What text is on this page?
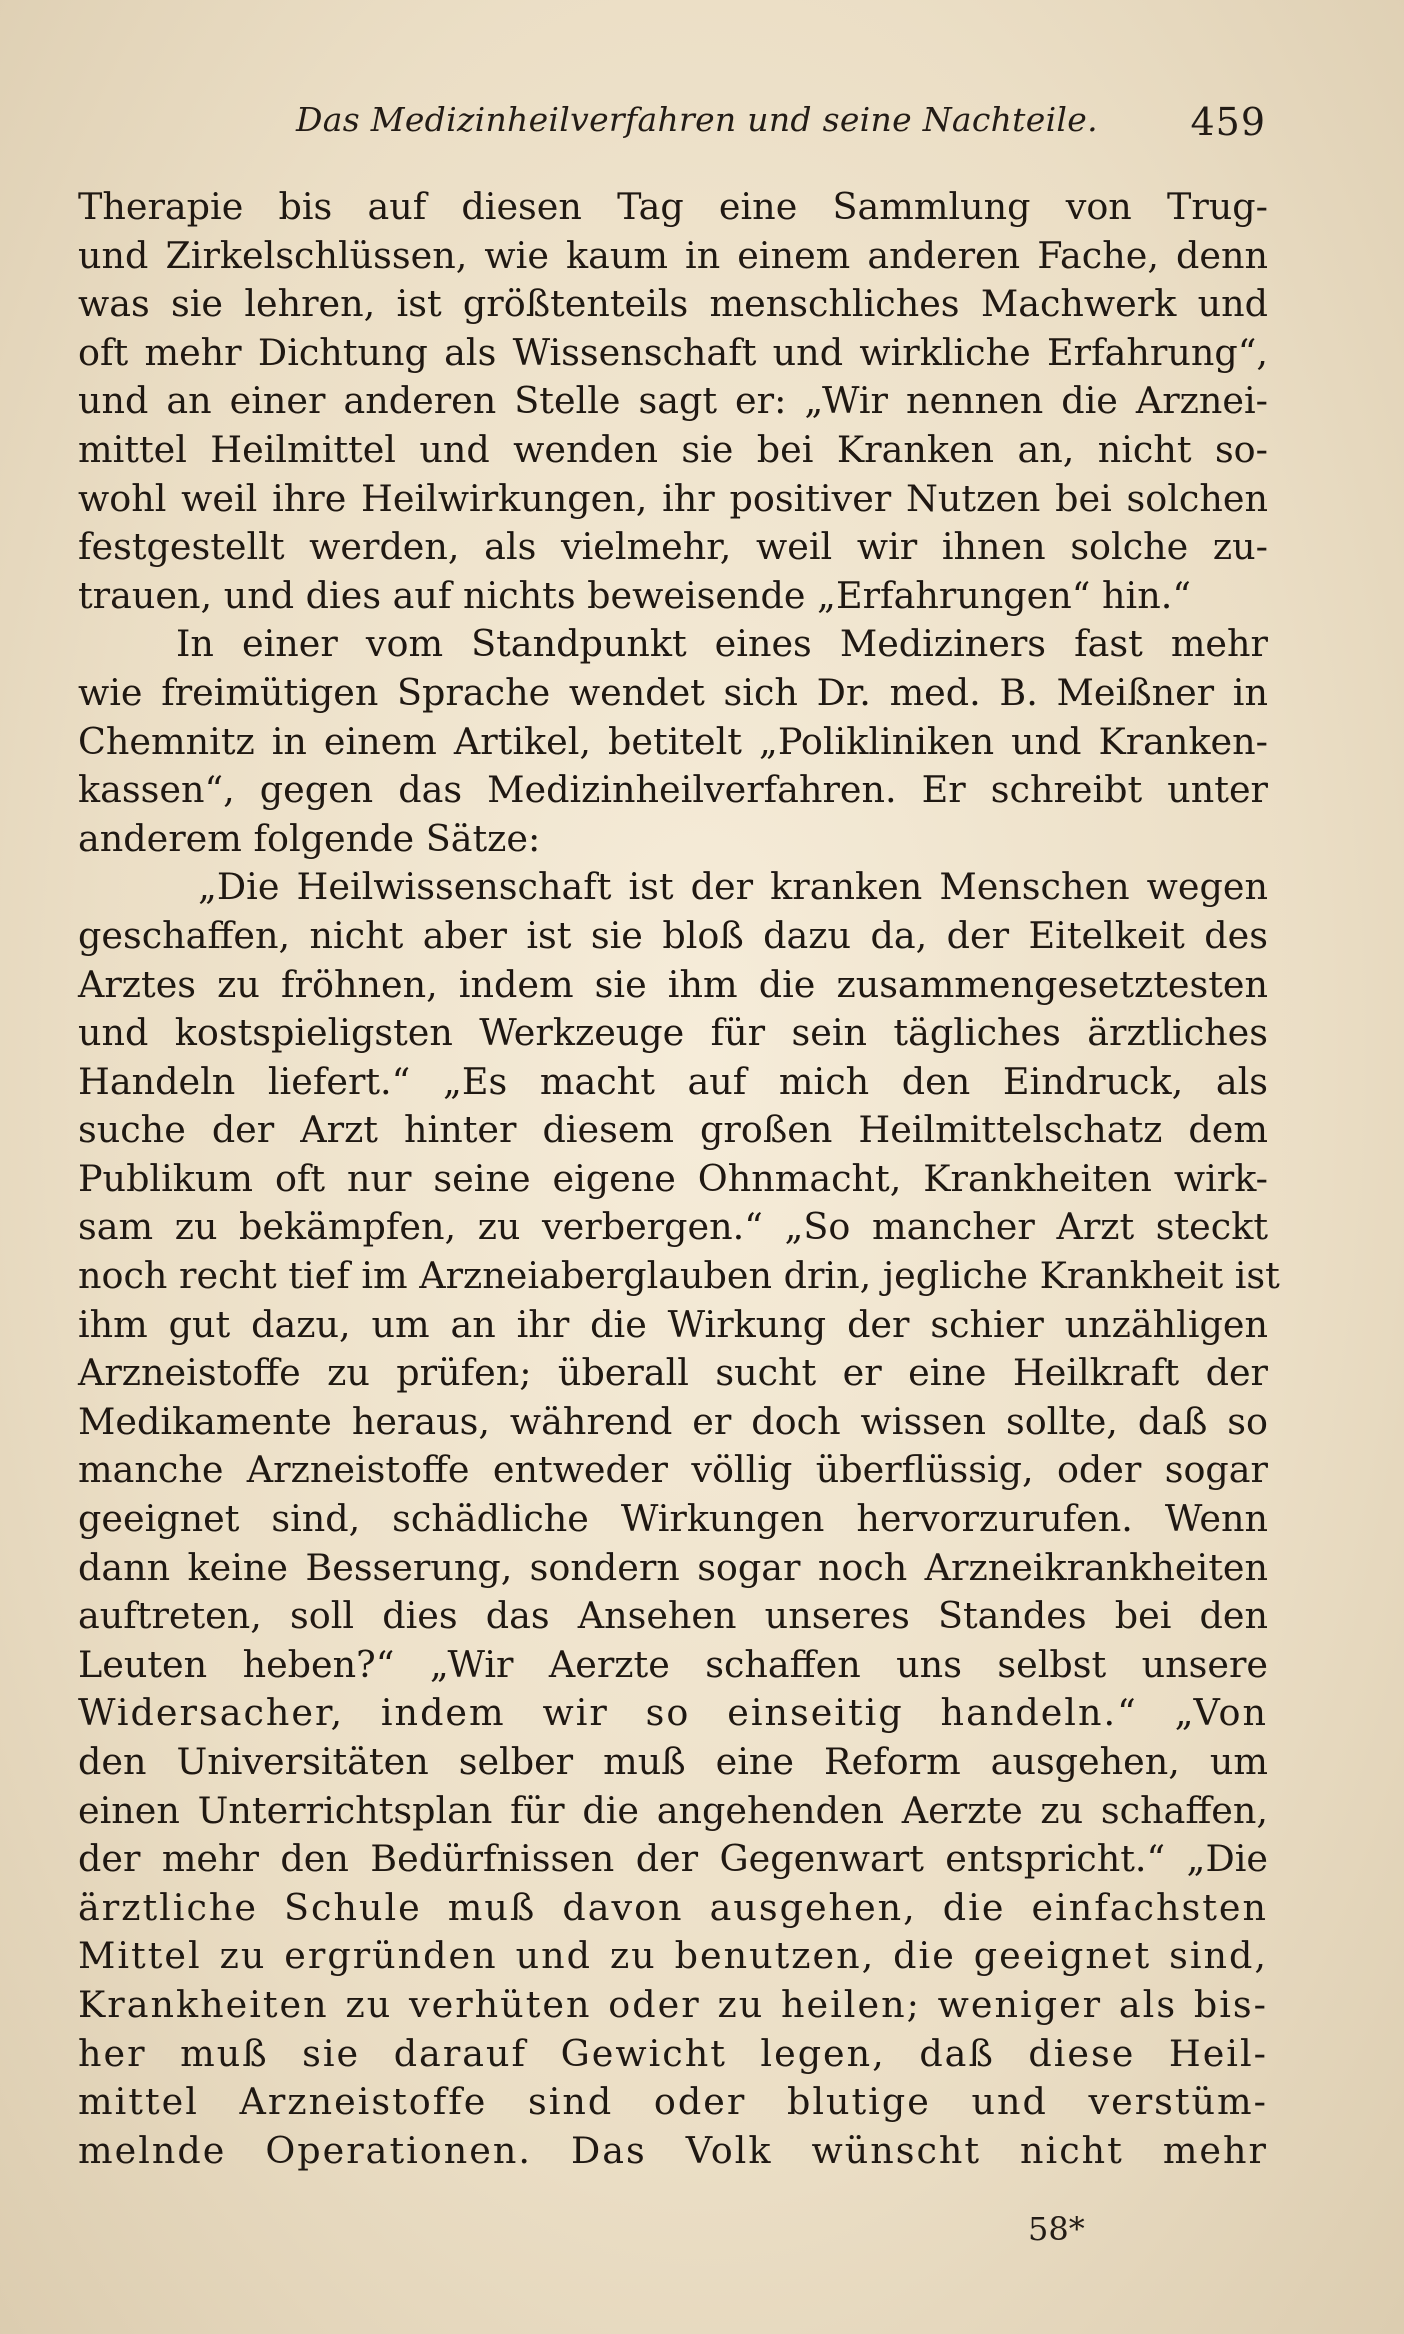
Das Medizinheilverfahren und seine Nachteile. 459
Therapie bis auf diesen Tag eine Sammlung von Trug-
und Zirkelschlüssen, wie kaum in einem anderen Fache, denn
was sie lehren, ist größtenteils menschliches Machwerk und
oft mehr Dichtung als Wissenschaft und wirkliche Erfahrung“,
und an einer anderen Stelle sagt er: „Wir nennen die Arznei-
mittel Heilmittel und wenden sie bei Kranken an, nicht so-
wohl weil ihre Heilwirkungen, ihr positiver Nutzen bei solchen
festgestellt werden, als vielmehr, weil wir ihnen solche zu-
trauen, und dies auf nichts beweisende „Erfahrungen“ hin.“
In einer vom Standpunkt eines Mediziners fast mehr
wie freimütigen Sprache wendet sich Dr. med. B. Meißner in
Chemnitz in einem Artikel, betitelt „Polikliniken und Kranken-
kassen“, gegen das Medizinheilverfahren. Er schreibt unter
anderem folgende Sätze:
„Die Heilwissenschaft ist der kranken Menschen wegen
geschaffen, nicht aber ist sie bloß dazu da, der Eitelkeit des
Arztes zu fröhnen, indem sie ihm die zusammengesetztesten
und kostspieligsten Werkzeuge für sein tägliches ärztliches
Handeln liefert.“ „Es macht auf mich den Eindruck, als
suche der Arzt hinter diesem großen Heilmittelschatz dem
Publikum oft nur seine eigene Ohnmacht, Krankheiten wirk-
sam zu bekämpfen, zu verbergen.“ „So mancher Arzt steckt
noch recht tief im Arzneiaberglauben drin, jegliche Krankheit ist
ihm gut dazu, um an ihr die Wirkung der schier unzähligen
Arzneistoffe zu prüfen; überall sucht er eine Heilkraft der
Medikamente heraus, während er doch wissen sollte, daß so
manche Arzneistoffe entweder völlig überflüssig, oder sogar
geeignet sind, schädliche Wirkungen hervorzurufen. Wenn
dann keine Besserung, sondern sogar noch Arzneikrankheiten
auftreten, soll dies das Ansehen unseres Standes bei den
Leuten heben?“ „Wir Aerzte schaffen uns selbst unsere
Widersacher, indem wir so einseitig handeln.“ „Von
den Universitäten selber muß eine Reform ausgehen, um
einen Unterrichtsplan für die angehenden Aerzte zu schaffen,
der mehr den Bedürfnissen der Gegenwart entspricht.“ „Die
ärztliche Schule muß davon ausgehen, die einfachsten
Mittel zu ergründen und zu benutzen, die geeignet sind,
Krankheiten zu verhüten oder zu heilen; weniger als bis-
her muß sie darauf Gewicht legen, daß diese Heil-
mittel Arzneistoffe sind oder blutige und verstüm-
melnde Operationen. Das Volk wünscht nicht mehr
58*
